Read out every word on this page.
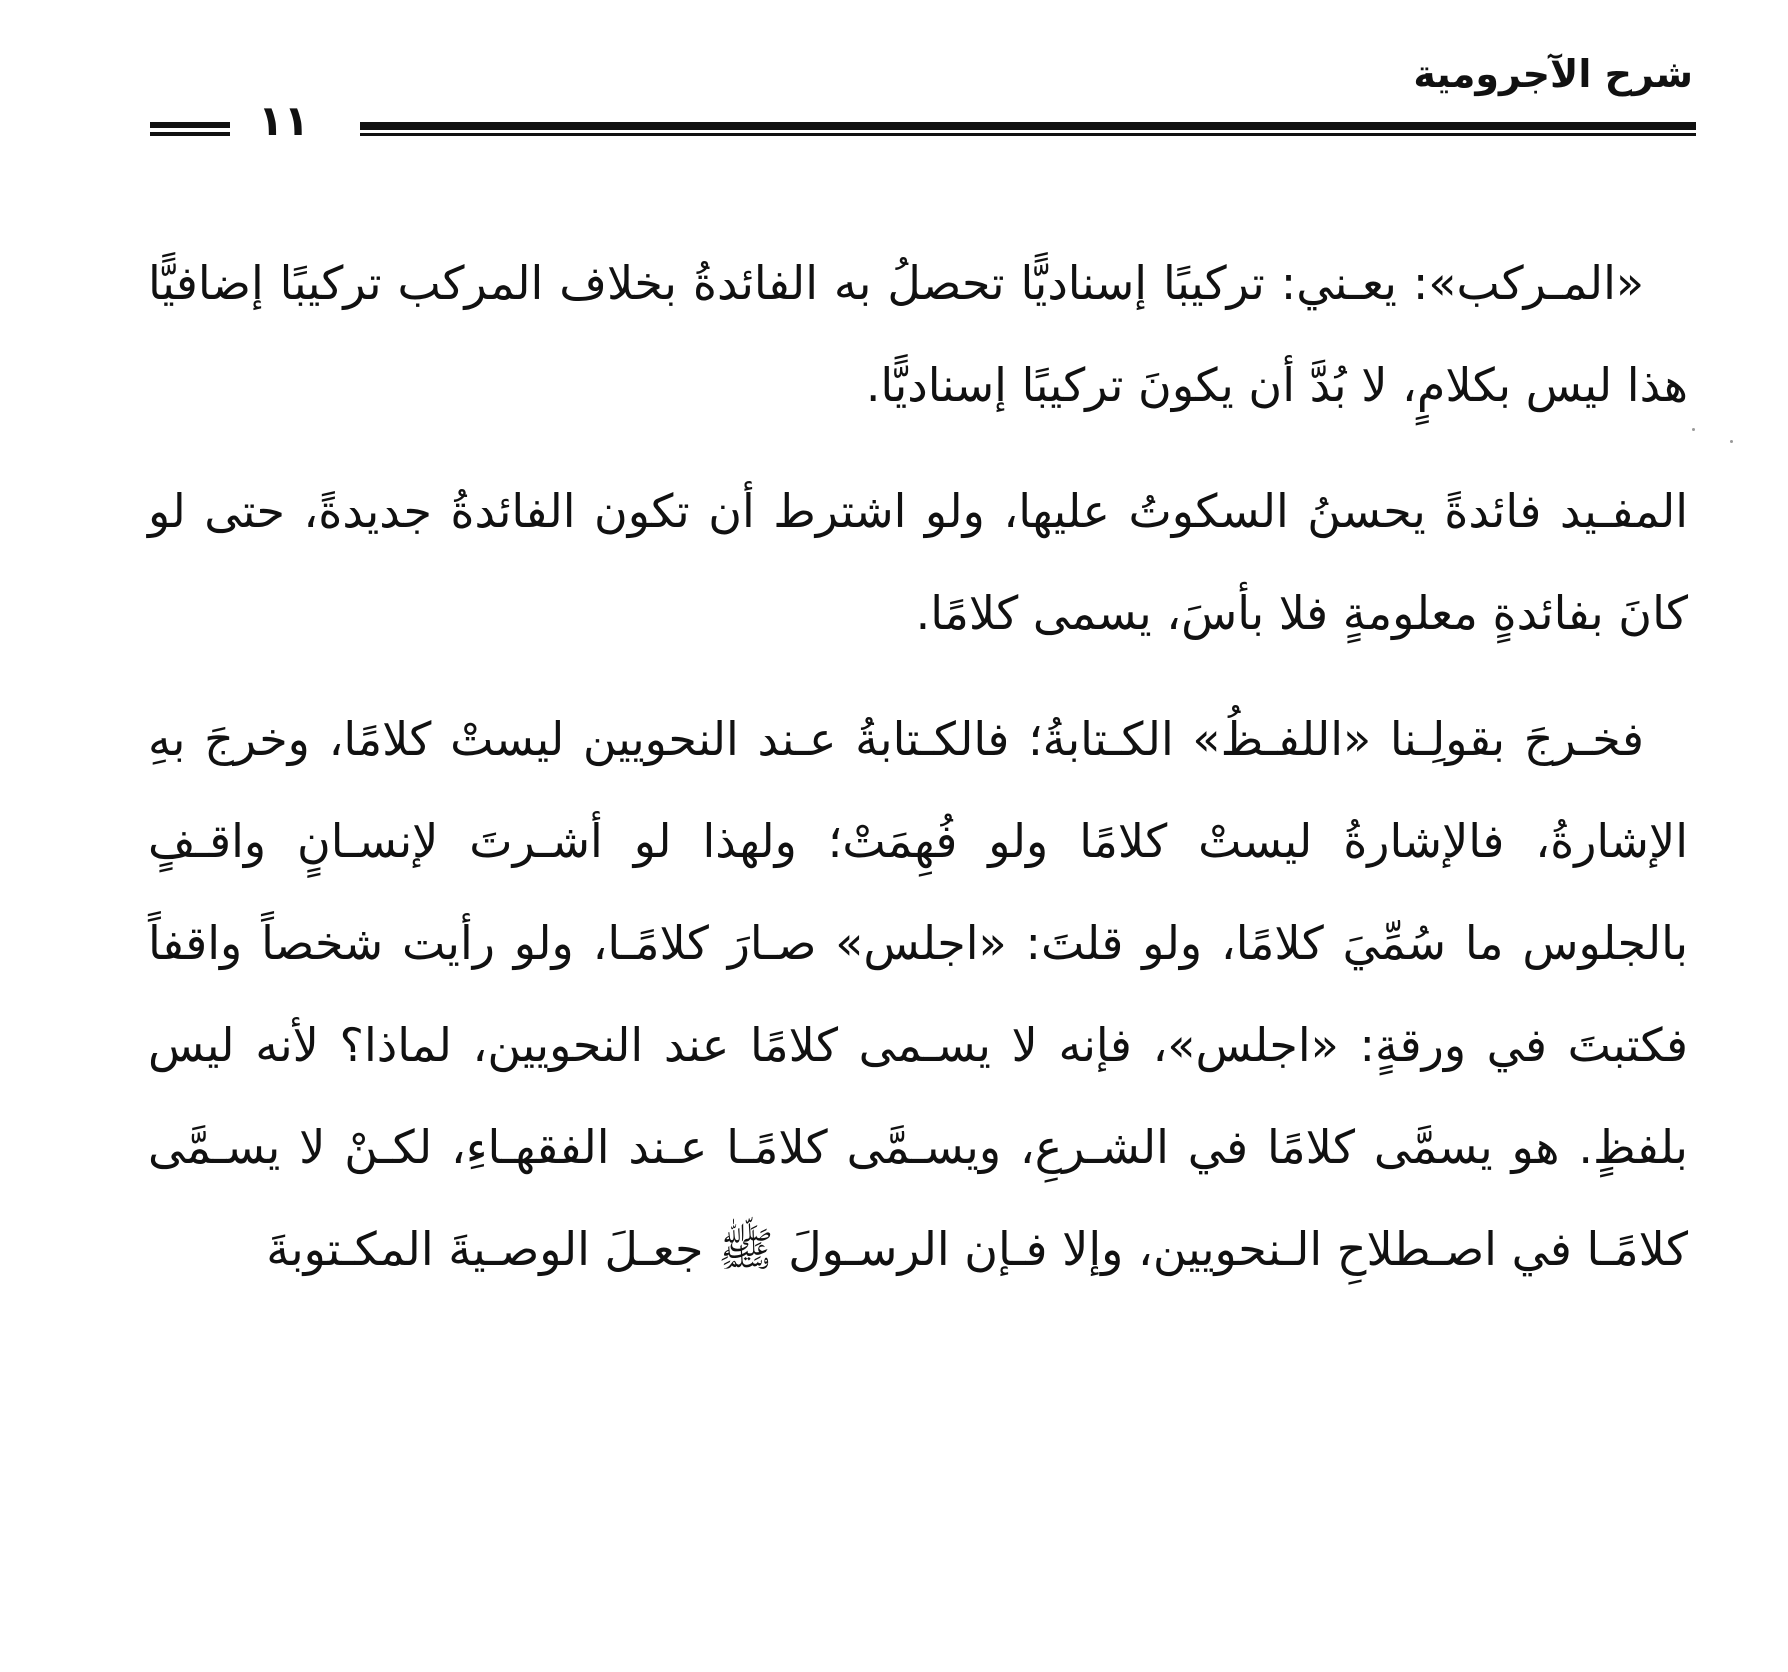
شرح الآجرومية
١١

«المـركب»: يعـني: تركيبًا إسناديًّا تحصلُ به الفائدةُ بخلاف المركب تركيبًا إضافيًّا هذا ليس بكلامٍ، لا بُدَّ أن يكونَ تركيبًا إسناديًّا.

المفـيد فائدةً يحسنُ السكوتُ عليها، ولو اشترط أن تكون الفائدةُ جديدةً، حتى لو كانَ بفائدةٍ معلومةٍ فلا بأسَ، يسمى كلامًا.

فخـرجَ بقولِـنا «اللفـظُ» الكـتابةُ؛ فالكـتابةُ عـند النحويين ليستْ كلامًا، وخرجَ بهِ الإشارةُ، فالإشارةُ ليستْ كلامًا ولو فُهِمَتْ؛ ولهذا لو أشـرتَ لإنسـانٍ واقـفٍ بالجلوس ما سُمِّيَ كلامًا، ولو قلتَ: «اجلس» صـارَ كلامًـا، ولو رأيت شخصاً واقفاً فكتبتَ في ورقةٍ: «اجلس»، فإنه لا يسـمى كلامًا عند النحويين، لماذا؟ لأنه ليس بلفظٍ. هو يسمَّى كلامًا في الشـرعِ، ويسـمَّى كلامًـا عـند الفقهـاءِ، لكـنْ لا يسـمَّى كلامًـا في اصـطلاحِ الـنحويين، وإلا فـإن الرسـولَ ﷺ جعـلَ الوصـيةَ المكـتوبةَ
